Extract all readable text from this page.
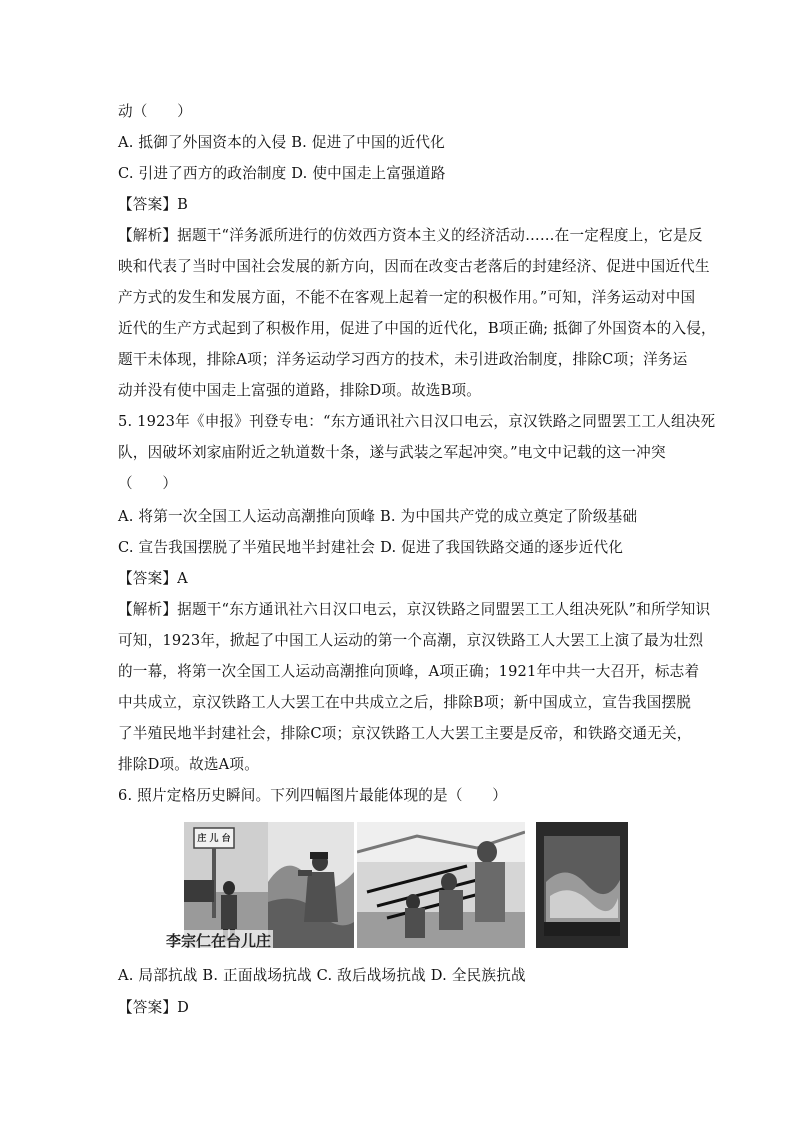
动（　　）
A. 抵御了外国资本的入侵 B. 促进了中国的近代化
C. 引进了西方的政治制度 D. 使中国走上富强道路
【答案】B
【解析】据题干“洋务派所进行的仿效西方资本主义的经济活动……在一定程度上，它是反
映和代表了当时中国社会发展的新方向，因而在改变古老落后的封建经济、促进中国近代生
产方式的发生和发展方面，不能不在客观上起着一定的积极作用。”可知，洋务运动对中国
近代的生产方式起到了积极作用，促进了中国的近代化，B项正确; 抵御了外国资本的入侵，
题干未体现，排除A项；洋务运动学习西方的技术，未引进政治制度，排除C项；洋务运
动并没有使中国走上富强的道路，排除D项。故选B项。
5. 1923年《申报》刊登专电：“东方通讯社六日汉口电云，京汉铁路之同盟罢工工人组决死
队，因破坏刘家庙附近之轨道数十条，遂与武装之军起冲突。”电文中记载的这一冲突
（　　）
A. 将第一次全国工人运动高潮推向顶峰 B. 为中国共产党的成立奠定了阶级基础
C. 宣告我国摆脱了半殖民地半封建社会 D. 促进了我国铁路交通的逐步近代化
【答案】A
【解析】据题干“东方通讯社六日汉口电云，京汉铁路之同盟罢工工人组决死队”和所学知识
可知，1923年，掀起了中国工人运动的第一个高潮，京汉铁路工人大罢工上演了最为壮烈
的一幕，将第一次全国工人运动高潮推向顶峰，A项正确；1921年中共一大召开，标志着
中共成立，京汉铁路工人大罢工在中共成立之后，排除B项；新中国成立，宣告我国摆脱
了半殖民地半封建社会，排除C项；京汉铁路工人大罢工主要是反帝，和铁路交通无关，
排除D项。故选A项。
6. 照片定格历史瞬间。下列四幅图片最能体现的是（　　）
庄 儿 台
李宗仁在台儿庄
A. 局部抗战 B. 正面战场抗战 C. 敌后战场抗战 D. 全民族抗战
【答案】D
